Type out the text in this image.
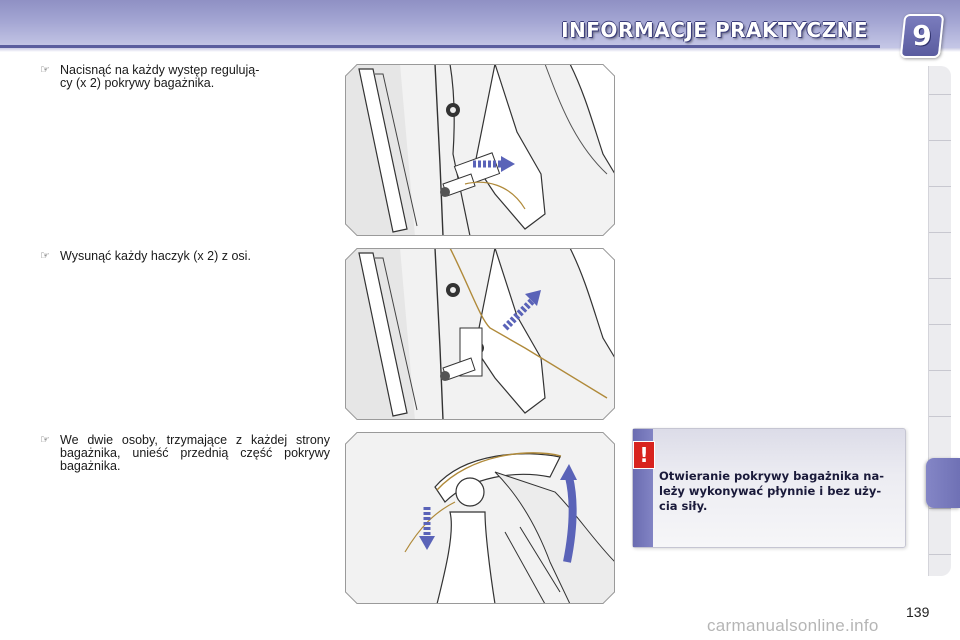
INFORMACJE PRAKTYCZNE 9
☞ Nacisnąć na każdy występ regulują-
cy (x 2) pokrywy bagażnika.
☞ Wysunąć każdy haczyk (x 2) z osi.
☞ We dwie osoby, trzymające z każdej strony bagażnika, unieść przednią część pokrywy bagażnika.	!
Otwieranie pokrywy bagażnika na-
leży wykonywać płynnie i bez uży-
cia siły.
139
carmanualsonline.info
